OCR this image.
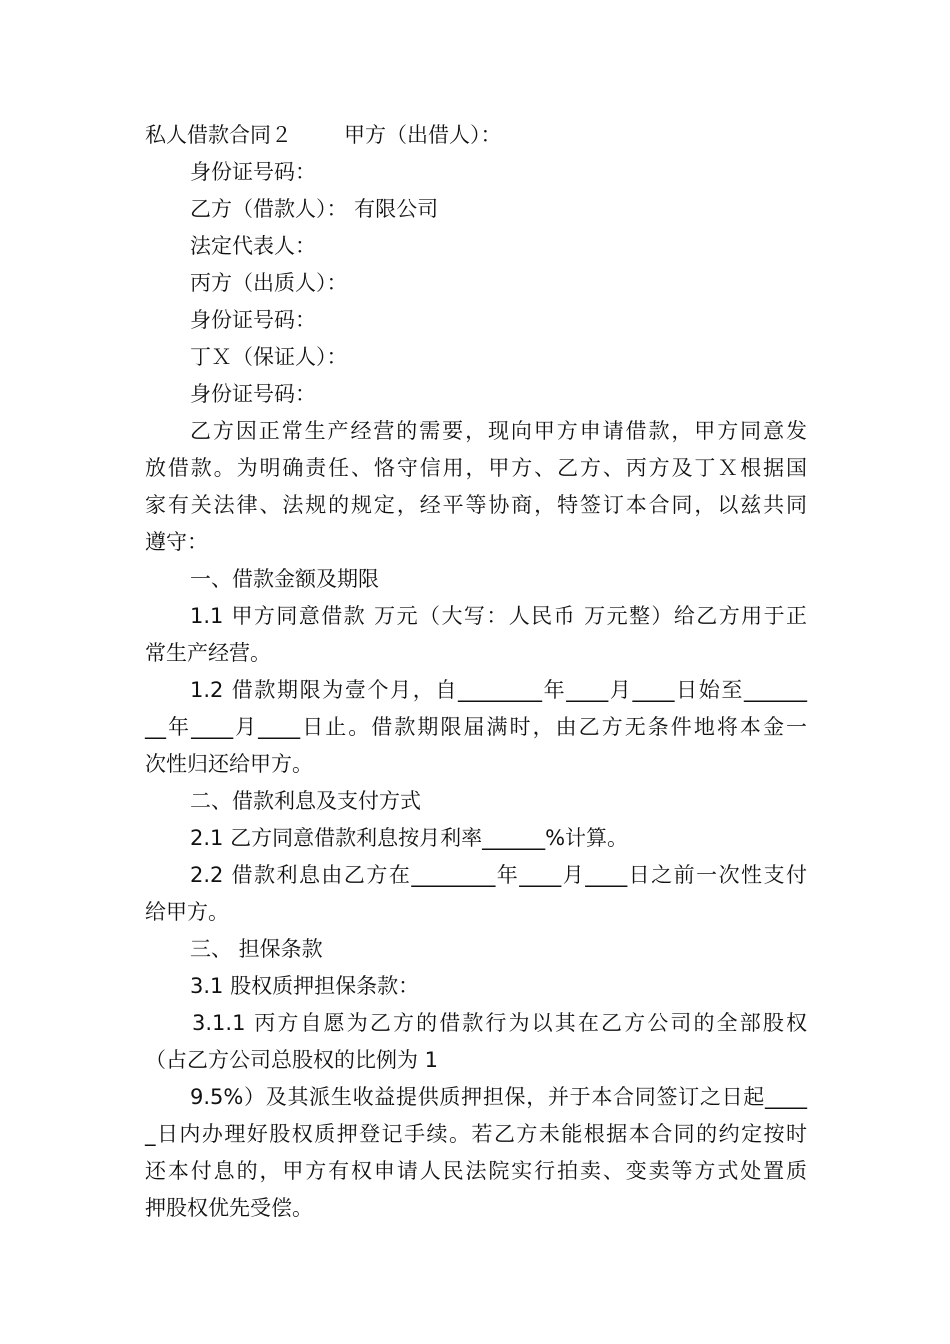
私人借款合同２ 甲方（出借人）：
身份证号码：
乙方（借款人）： 有限公司
法定代表人：
丙方（出质人）：
身份证号码：
丁Ｘ（保证人）：
身份证号码：
乙方因正常生产经营的需要，现向甲方申请借款，甲方同意发
放借款。为明确责任、恪守信用，甲方、乙方、丙方及丁Ｘ根据国
家有关法律、法规的规定，经平等协商，特签订本合同，以兹共同
遵守：
一、借款金额及期限
1.1 甲方同意借款 万元（大写：人民币 万元整）给乙方用于正
常生产经营。
1.2 借款期限为壹个月，自________年____月____日始至______
__年____月____日止。借款期限届满时，由乙方无条件地将本金一
次性归还给甲方。
二、借款利息及支付方式
2.1 乙方同意借款利息按月利率______%计算。
2.2 借款利息由乙方在________年____月____日之前一次性支付
给甲方。
三、 担保条款
3.1 股权质押担保条款：
3.1.1 丙方自愿为乙方的借款行为以其在乙方公司的全部股权
（占乙方公司总股权的比例为 1
9.5%）及其派生收益提供质押担保，并于本合同签订之日起____
_日内办理好股权质押登记手续。若乙方未能根据本合同的约定按时
还本付息的，甲方有权申请人民法院实行拍卖、变卖等方式处置质
押股权优先受偿。
